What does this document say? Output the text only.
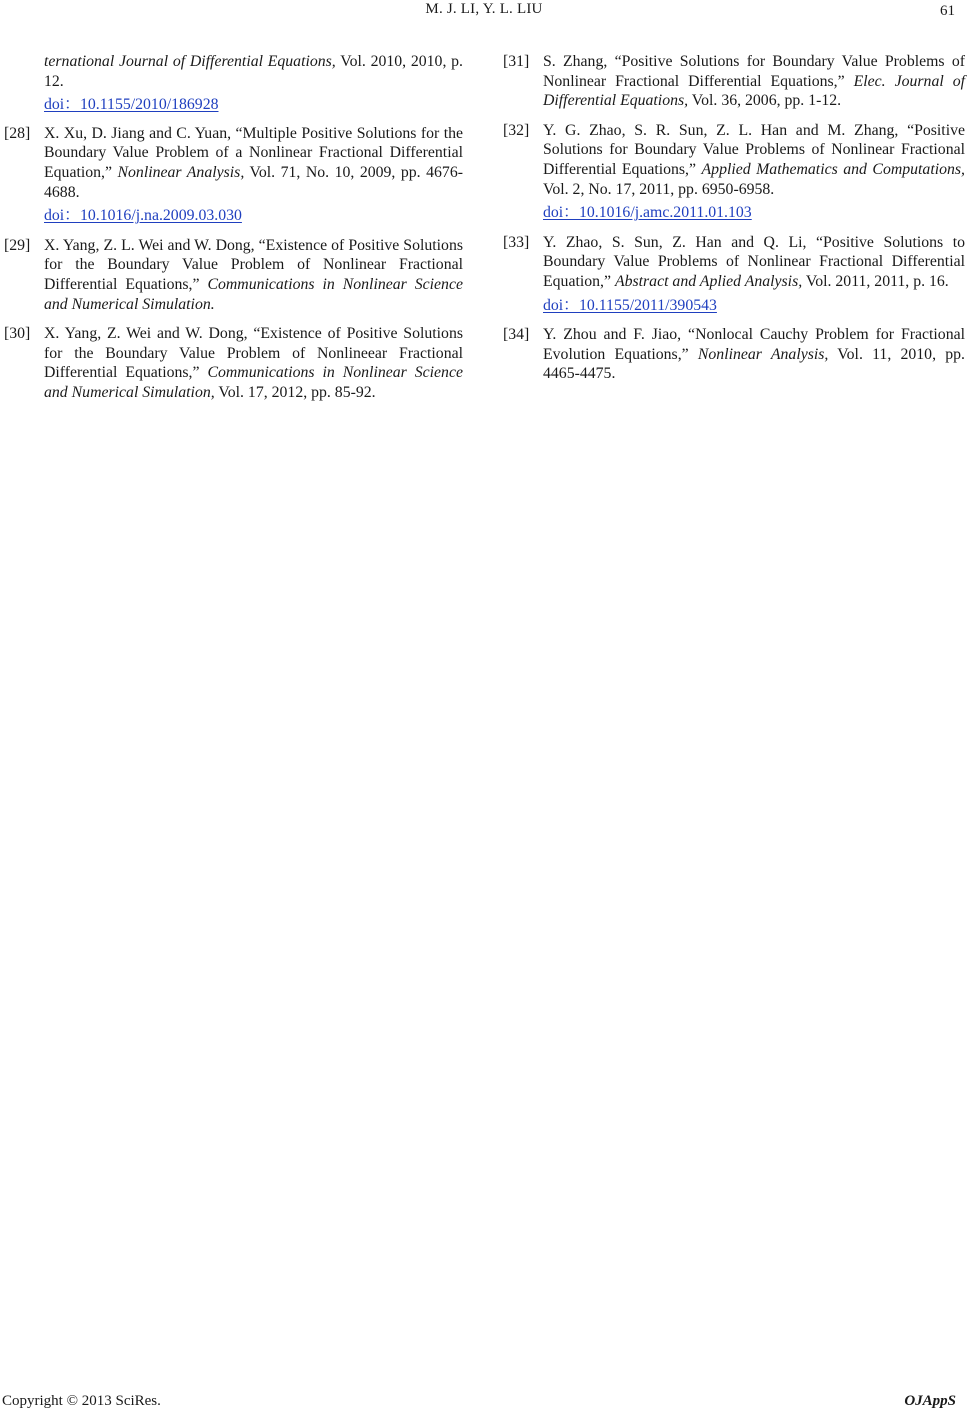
M. J. LI, Y. L. LIU	61
ternational Journal of Differential Equations, Vol. 2010, 2010, p. 12.
doi：10.1155/2010/186928
[28] X. Xu, D. Jiang and C. Yuan, “Multiple Positive Solutions for the Boundary Value Problem of a Nonlinear Fractional Differential Equation,” Nonlinear Analysis, Vol. 71, No. 10, 2009, pp. 4676-4688.
doi：10.1016/j.na.2009.03.030
[29] X. Yang, Z. L. Wei and W. Dong, “Existence of Positive Solutions for the Boundary Value Problem of Nonlinear Fractional Differential Equations,” Communications in Nonlinear Science and Numerical Simulation.
[30] X. Yang, Z. Wei and W. Dong, “Existence of Positive Solutions for the Boundary Value Problem of Nonlineear Fractional Differential Equations,” Communications in Nonlinear Science and Numerical Simulation, Vol. 17, 2012, pp. 85-92.
[31] S. Zhang, “Positive Solutions for Boundary Value Problems of Nonlinear Fractional Differential Equations,” Elec. Journal of Differential Equations, Vol. 36, 2006, pp. 1-12.
[32] Y. G. Zhao, S. R. Sun, Z. L. Han and M. Zhang, “Positive Solutions for Boundary Value Problems of Nonlinear Fractional Differential Equations,” Applied Mathematics and Computations, Vol. 2, No. 17, 2011, pp. 6950-6958.
doi：10.1016/j.amc.2011.01.103
[33] Y. Zhao, S. Sun, Z. Han and Q. Li, “Positive Solutions to Boundary Value Problems of Nonlinear Fractional Differential Equation,” Abstract and Aplied Analysis, Vol. 2011, 2011, p. 16.
doi：10.1155/2011/390543
[34] Y. Zhou and F. Jiao, “Nonlocal Cauchy Problem for Fractional Evolution Equations,” Nonlinear Analysis, Vol. 11, 2010, pp. 4465-4475.
Copyright © 2013 SciRes.	OJAppS
